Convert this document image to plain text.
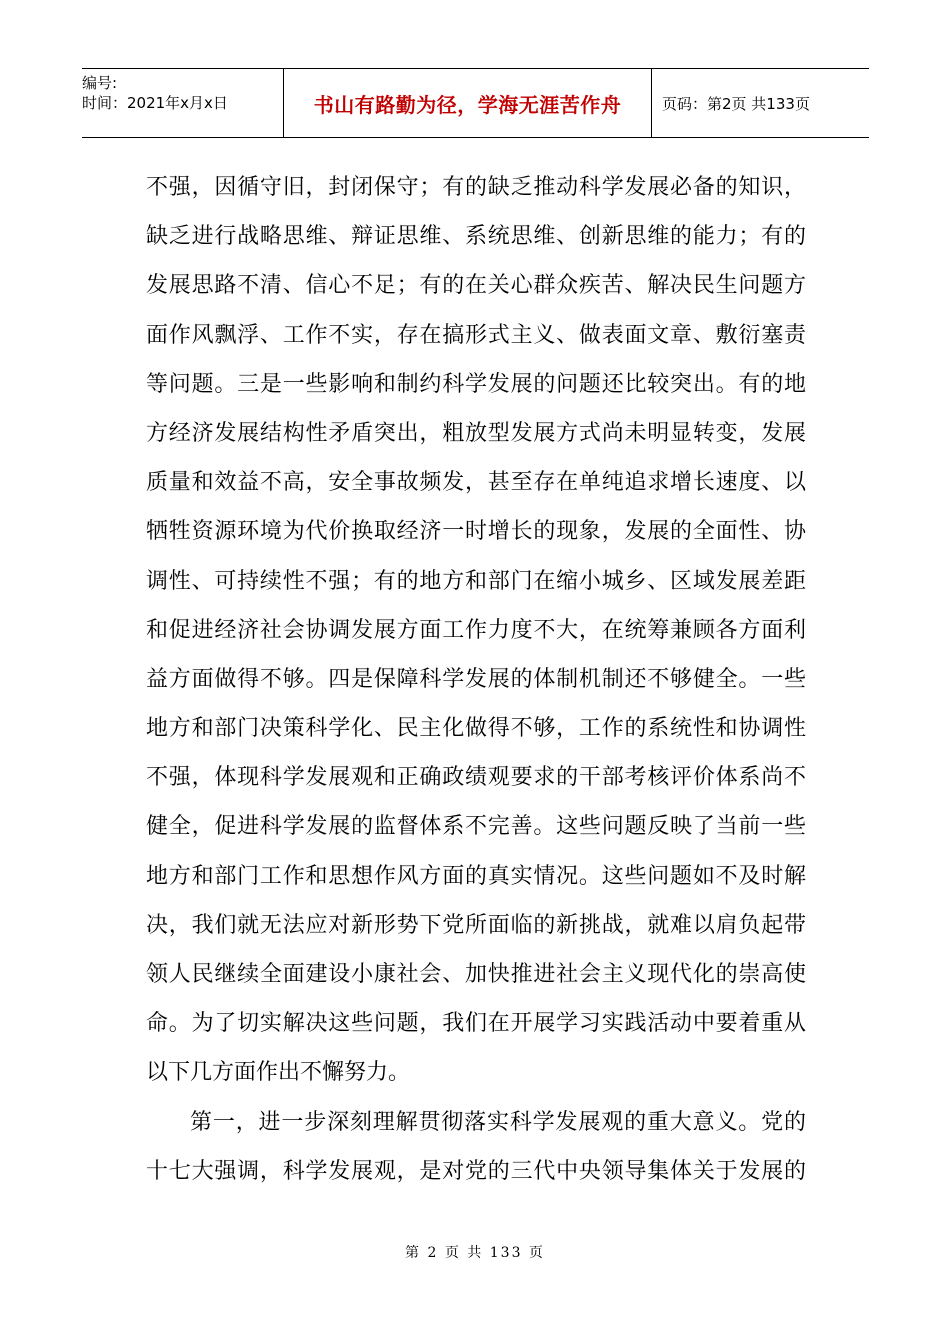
编号:
时间：2021年x月x日	书山有路勤为径，学海无涯苦作舟	页码：第2页 共133页
不强，因循守旧，封闭保守；有的缺乏推动科学发展必备的知识，
缺乏进行战略思维、辩证思维、系统思维、创新思维的能力；有的
发展思路不清、信心不足；有的在关心群众疾苦、解决民生问题方
面作风飘浮、工作不实，存在搞形式主义、做表面文章、敷衍塞责
等问题。三是一些影响和制约科学发展的问题还比较突出。有的地
方经济发展结构性矛盾突出，粗放型发展方式尚未明显转变，发展
质量和效益不高，安全事故频发，甚至存在单纯追求增长速度、以
牺牲资源环境为代价换取经济一时增长的现象，发展的全面性、协
调性、可持续性不强；有的地方和部门在缩小城乡、区域发展差距
和促进经济社会协调发展方面工作力度不大，在统筹兼顾各方面利
益方面做得不够。四是保障科学发展的体制机制还不够健全。一些
地方和部门决策科学化、民主化做得不够，工作的系统性和协调性
不强，体现科学发展观和正确政绩观要求的干部考核评价体系尚不
健全，促进科学发展的监督体系不完善。这些问题反映了当前一些
地方和部门工作和思想作风方面的真实情况。这些问题如不及时解
决，我们就无法应对新形势下党所面临的新挑战，就难以肩负起带
领人民继续全面建设小康社会、加快推进社会主义现代化的崇高使
命。为了切实解决这些问题，我们在开展学习实践活动中要着重从
以下几方面作出不懈努力。
第一，进一步深刻理解贯彻落实科学发展观的重大意义。党的
十七大强调，科学发展观，是对党的三代中央领导集体关于发展的
第 2 页 共 133 页
